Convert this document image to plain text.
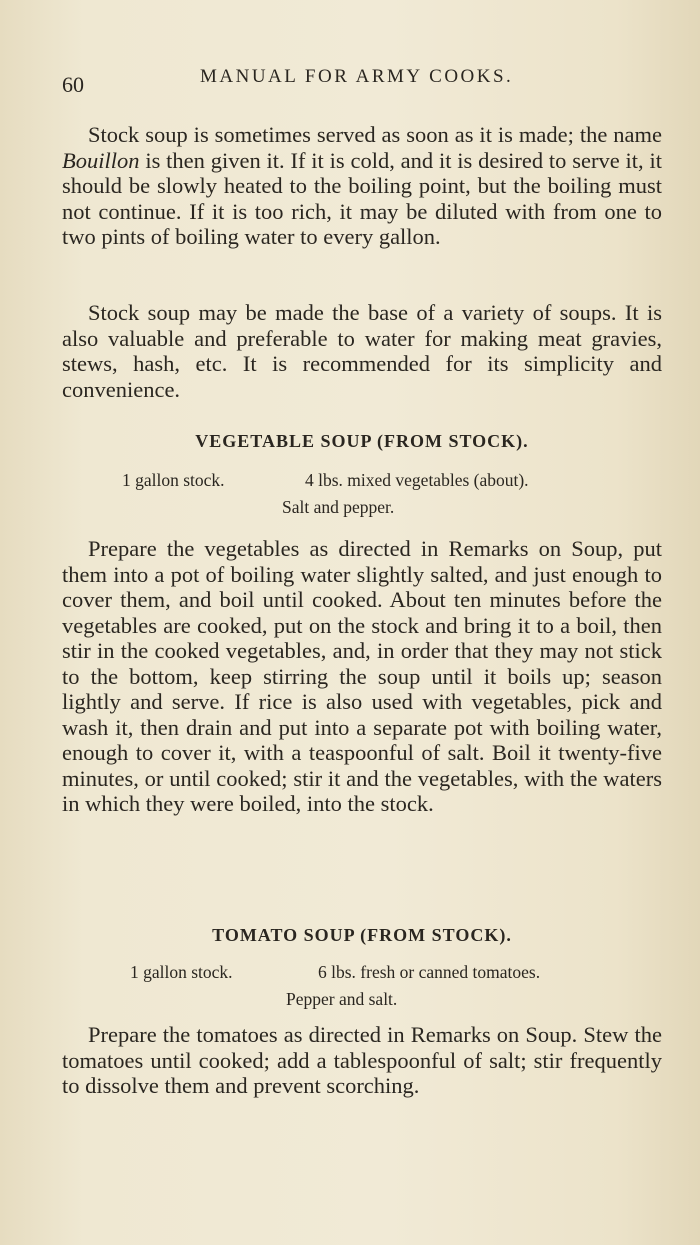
60	MANUAL FOR ARMY COOKS.

Stock soup is sometimes served as soon as it is made; the name Bouillon is then given it. If it is cold, and it is desired to serve it, it should be slowly heated to the boiling point, but the boiling must not continue. If it is too rich, it may be diluted with from one to two pints of boiling water to every gallon.

Stock soup may be made the base of a variety of soups. It is also valuable and preferable to water for making meat gravies, stews, hash, etc. It is recommended for its simplicity and convenience.

VEGETABLE SOUP (FROM STOCK).
1 gallon stock.	4 lbs. mixed vegetables (about).
Salt and pepper.

Prepare the vegetables as directed in Remarks on Soup, put them into a pot of boiling water slightly salted, and just enough to cover them, and boil until cooked. About ten minutes before the vegetables are cooked, put on the stock and bring it to a boil, then stir in the cooked vegetables, and, in order that they may not stick to the bottom, keep stirring the soup until it boils up; season lightly and serve. If rice is also used with vegetables, pick and wash it, then drain and put into a separate pot with boiling water, enough to cover it, with a teaspoonful of salt. Boil it twenty-five minutes, or until cooked; stir it and the vegetables, with the waters in which they were boiled, into the stock.

TOMATO SOUP (FROM STOCK).
1 gallon stock.	6 lbs. fresh or canned tomatoes.
Pepper and salt.

Prepare the tomatoes as directed in Remarks on Soup. Stew the tomatoes until cooked; add a tablespoonful of salt; stir frequently to dissolve them and prevent scorching.
